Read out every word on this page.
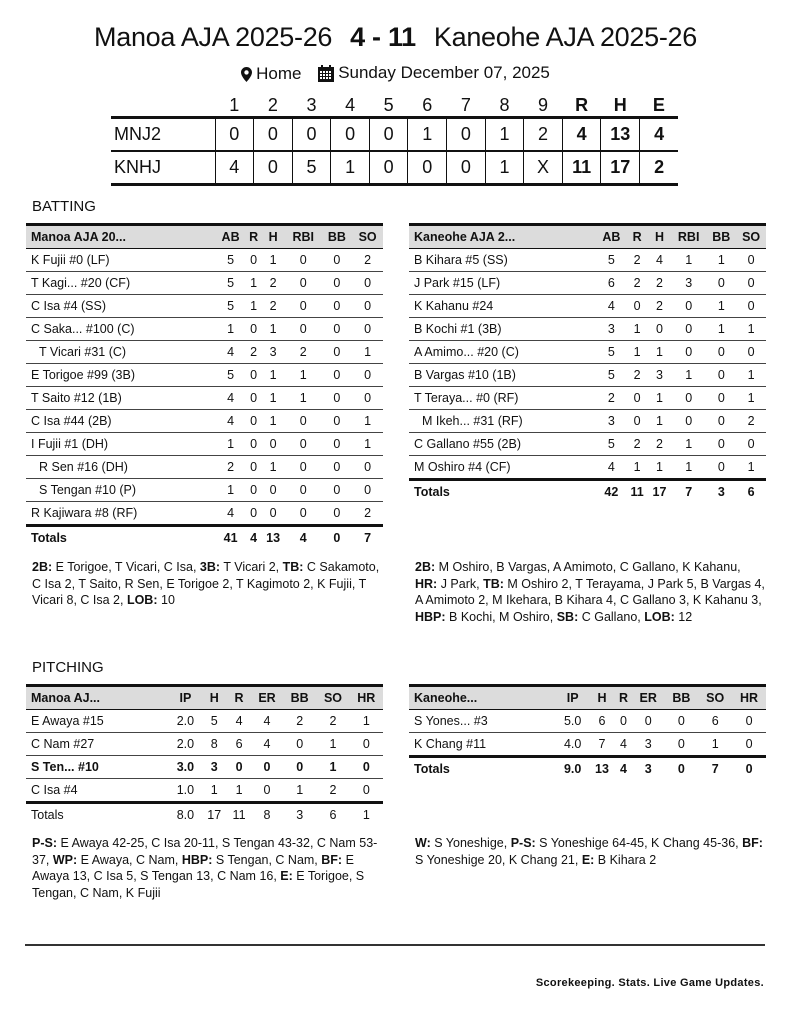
Manoa AJA 2025-26 4 - 11 Kaneohe AJA 2025-26
Home
Sunday December 07, 2025
	1	2	3	4	5	6	7	8	9	R	H	E
MNJ2	0	0	0	0	0	1	0	1	2	4	13	4
KNHJ	4	0	5	1	0	0	0	1	X	11	17	2
BATTING
Manoa AJA 20...	AB	R	H	RBI	BB	SO
K Fujii #0 (LF)	5	0	1	0	0	2
T Kagi... #20 (CF)	5	1	2	0	0	0
C Isa #4 (SS)	5	1	2	0	0	0
C Saka... #100 (C)	1	0	1	0	0	0
T Vicari #31 (C)	4	2	3	2	0	1
E Torigoe #99 (3B)	5	0	1	1	0	0
T Saito #12 (1B)	4	0	1	1	0	0
C Isa #44 (2B)	4	0	1	0	0	1
I Fujii #1 (DH)	1	0	0	0	0	1
R Sen #16 (DH)	2	0	1	0	0	0
S Tengan #10 (P)	1	0	0	0	0	0
R Kajiwara #8 (RF)	4	0	0	0	0	2
Totals	41	4	13	4	0	7
Kaneohe AJA 2...	AB	R	H	RBI	BB	SO
B Kihara #5 (SS)	5	2	4	1	1	0
J Park #15 (LF)	6	2	2	3	0	0
K Kahanu #24	4	0	2	0	1	0
B Kochi #1 (3B)	3	1	0	0	1	1
A Amimo... #20 (C)	5	1	1	0	0	0
B Vargas #10 (1B)	5	2	3	1	0	1
T Teraya... #0 (RF)	2	0	1	0	0	1
M Ikeh... #31 (RF)	3	0	1	0	0	2
C Gallano #55 (2B)	5	2	2	1	0	0
M Oshiro #4 (CF)	4	1	1	1	0	1
Totals	42	11	17	7	3	6
2B: E Torigoe, T Vicari, C Isa, 3B: T Vicari 2, TB: C Sakamoto, C Isa 2, T Saito, R Sen, E Torigoe 2, T Kagimoto 2, K Fujii, T Vicari 8, C Isa 2, LOB: 10
2B: M Oshiro, B Vargas, A Amimoto, C Gallano, K Kahanu, HR: J Park, TB: M Oshiro 2, T Terayama, J Park 5, B Vargas 4, A Amimoto 2, M Ikehara, B Kihara 4, C Gallano 3, K Kahanu 3, HBP: B Kochi, M Oshiro, SB: C Gallano, LOB: 12
PITCHING
Manoa AJ...	IP	H	R	ER	BB	SO	HR
E Awaya #15	2.0	5	4	4	2	2	1
C Nam #27	2.0	8	6	4	0	1	0
S Ten... #10	3.0	3	0	0	0	1	0
C Isa #4	1.0	1	1	0	1	2	0
Totals	8.0	17	11	8	3	6	1
Kaneohe...	IP	H	R	ER	BB	SO	HR
S Yones... #3	5.0	6	0	0	0	6	0
K Chang #11	4.0	7	4	3	0	1	0
Totals	9.0	13	4	3	0	7	0
P-S: E Awaya 42-25, C Isa 20-11, S Tengan 43-32, C Nam 53-37, WP: E Awaya, C Nam, HBP: S Tengan, C Nam, BF: E Awaya 13, C Isa 5, S Tengan 13, C Nam 16, E: E Torigoe, S Tengan, C Nam, K Fujii
W: S Yoneshige, P-S: S Yoneshige 64-45, K Chang 45-36, BF: S Yoneshige 20, K Chang 21, E: B Kihara 2
Scorekeeping. Stats. Live Game Updates.
